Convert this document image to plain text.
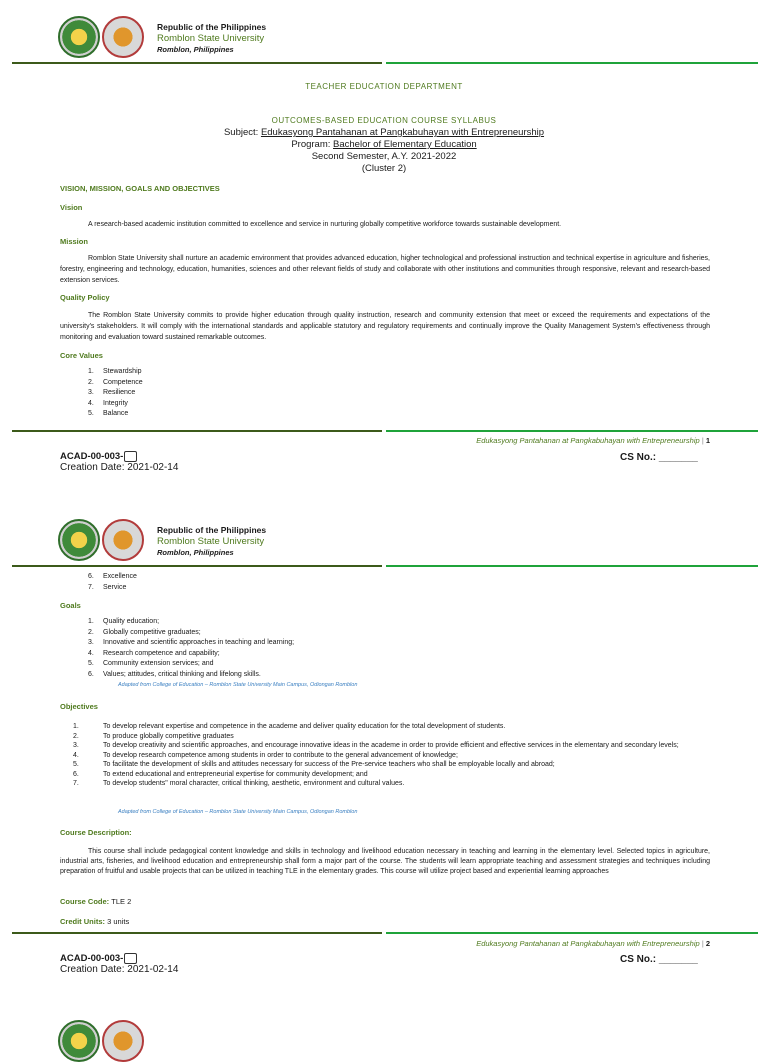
Republic of the Philippines
Romblon State University
Romblon, Philippines
TEACHER EDUCATION DEPARTMENT
OUTCOMES-BASED EDUCATION COURSE SYLLABUS
Subject: Edukasyong Pantahanan at Pangkabuhayan with Entrepreneurship
Program: Bachelor of Elementary Education
Second Semester, A.Y. 2021-2022
(Cluster 2)
VISION, MISSION, GOALS AND OBJECTIVES
Vision
A research-based academic institution committed to excellence and service in nurturing globally competitive workforce towards sustainable development.
Mission
Romblon State University shall nurture an academic environment that provides advanced education, higher technological and professional instruction and technical expertise in agriculture and fisheries, forestry, engineering and technology, education, humanities, sciences and other relevant fields of study and collaborate with other institutions and communities through responsive, relevant and research-based extension services.
Quality Policy
The Romblon State University commits to provide higher education through quality instruction, research and community extension that meet or exceed the requirements and expectations of the university's stakeholders. It will comply with the international standards and applicable statutory and regulatory requirements and continually improve the Quality Management System's effectiveness through monitoring and evaluation toward sustained remarkable outcomes.
Core Values
1. Stewardship
2. Competence
3. Resilience
4. Integrity
5. Balance
Edukasyong Pantahanan at Pangkabuhayan with Entrepreneurship | 1
ACAD-00-003-
Creation Date: 2021-02-14
CS No.: _______
Republic of the Philippines
Romblon State University
Romblon, Philippines
6. Excellence
7. Service
Goals
1. Quality education;
2. Globally competitive graduates;
3. Innovative and scientific approaches in teaching and learning;
4. Research competence and capability;
5. Community extension services; and
6. Values; attitudes, critical thinking and lifelong skills.
Adapted from College of Education – Romblon State University Main Campus, Odiongan Romblon
Objectives
1.	To develop relevant expertise and competence in the academe and deliver quality education for the total development of students.
2.	To produce globally competitive graduates
3.	To develop creativity and scientific approaches, and encourage innovative ideas in the academe in order to provide efficient and effective services in the elementary and secondary levels;
4.	To develop research competence among students in order to contribute to the general advancement of knowledge;
5.	To facilitate the development of skills and attitudes necessary for success of the Pre-service teachers who shall be employable locally and abroad;
6.	To extend educational and entrepreneurial expertise for community development; and
7.	To develop students" moral character, critical thinking, aesthetic, environment and cultural values.
Adapted from College of Education – Romblon State University Main Campus, Odiongan Romblon
Course Description:
This course shall include pedagogical content knowledge and skills in technology and livelihood education necessary in teaching and learning in the elementary level. Selected topics in agriculture, industrial arts, fisheries, and livelihood education and entrepreneurship shall form a major part of the course. The students will learn appropriate teaching and assessment strategies and techniques including preparation of fruitful and usable projects that can be utilized in teaching TLE in the elementary grades. This course will utilize project based and experiential learning approaches
Course Code: TLE 2
Credit Units: 3 units
Edukasyong Pantahanan at Pangkabuhayan with Entrepreneurship | 2
ACAD-00-003-
Creation Date: 2021-02-14
CS No.: _______
